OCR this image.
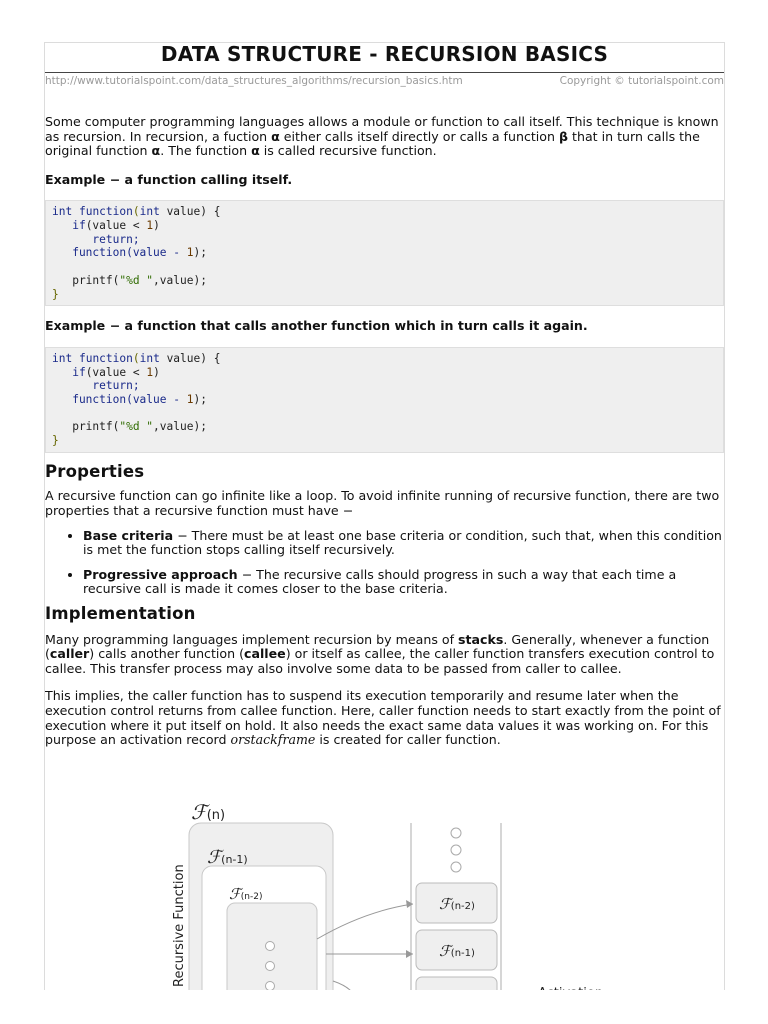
DATA STRUCTURE - RECURSION BASICS
http://www.tutorialspoint.com/data_structures_algorithms/recursion_basics.htm	Copyright © tutorialspoint.com

Some computer programming languages allows a module or function to call itself. This technique is known as recursion. In recursion, a fuction α either calls itself directly or calls a function β that in turn calls the original function α. The function α is called recursive function.

Example − a function calling itself.

int function(int value) {
if(value < 1)
return;
function(value - 1);

printf("%d ",value);
}

Example − a function that calls another function which in turn calls it again.

int function(int value) {
if(value < 1)
return;
function(value - 1);

printf("%d ",value);
}
Properties

A recursive function can go infinite like a loop. To avoid infinite running of recursive function, there are two properties that a recursive function must have −

• Base criteria − There must be at least one base criteria or condition, such that, when this condition is met the function stops calling itself recursively.
• Progressive approach − The recursive calls should progress in such a way that each time a recursive call is made it comes closer to the base criteria.
Implementation

Many programming languages implement recursion by means of stacks. Generally, whenever a function (caller) calls another function (callee) or itself as callee, the caller function transfers execution control to callee. This transfer process may also involve some data to be passed from caller to callee.

This implies, the caller function has to suspend its execution temporarily and resume later when the execution control returns from callee function. Here, caller function needs to start exactly from the point of execution where it put itself on hold. It also needs the exact same data values it was working on. For this purpose an activation record orstackframe is created for caller function.

ℱ(n)
ℱ(n-1)
ℱ(n-2)
Recursive Function	ℱ(n-2)
ℱ(n-1)
Activation
